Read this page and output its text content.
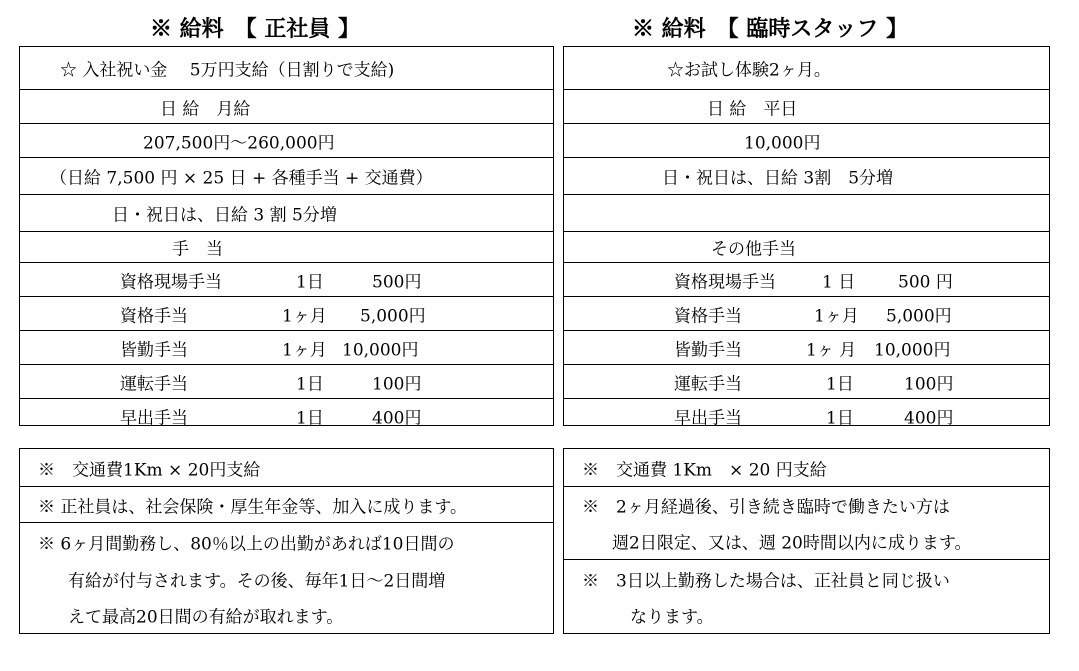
※ 給料　【 正社員 】	※ 給料　【 臨時スタッフ 】
☆ 入社祝い金　 5万円支給（日割りで支給)
日 給　月給
207,500円～260,000円
（日給 7,500 円 × 25 日 + 各種手当 + 交通費）
日・祝日は、日給 3 割 5分増
手　当
資格現場手当	1日	500円
資格手当	1ヶ月 5,000円
皆勤手当	1ヶ月 10,000円
運転手当	1日	100円
早出手当	1日	400円
☆お試し体験2ヶ月。
日 給　平日
10,000円
日・祝日は、日給 3割　5分増
その他手当
資格現場手当	1 日	500 円
資格手当	1ヶ月 5,000円
皆勤手当	1ヶ 月 10,000円
運転手当	1日	100円
早出手当	1日	400円
※　交通費1Km × 20円支給
※ 正社員は、社会保険・厚生年金等、加入に成ります。
※ 6ヶ月間勤務し、80％以上の出勤があれば10日間の
有給が付与されます。その後、毎年1日～2日間増
えて最高20日間の有給が取れます。
※　交通費 1Km　× 20 円支給
※　2ヶ月経過後、引き続き臨時で働きたい方は
週2日限定、又は、週 20時間以内に成ります。
※　3日以上勤務した場合は、正社員と同じ扱い
なります。
